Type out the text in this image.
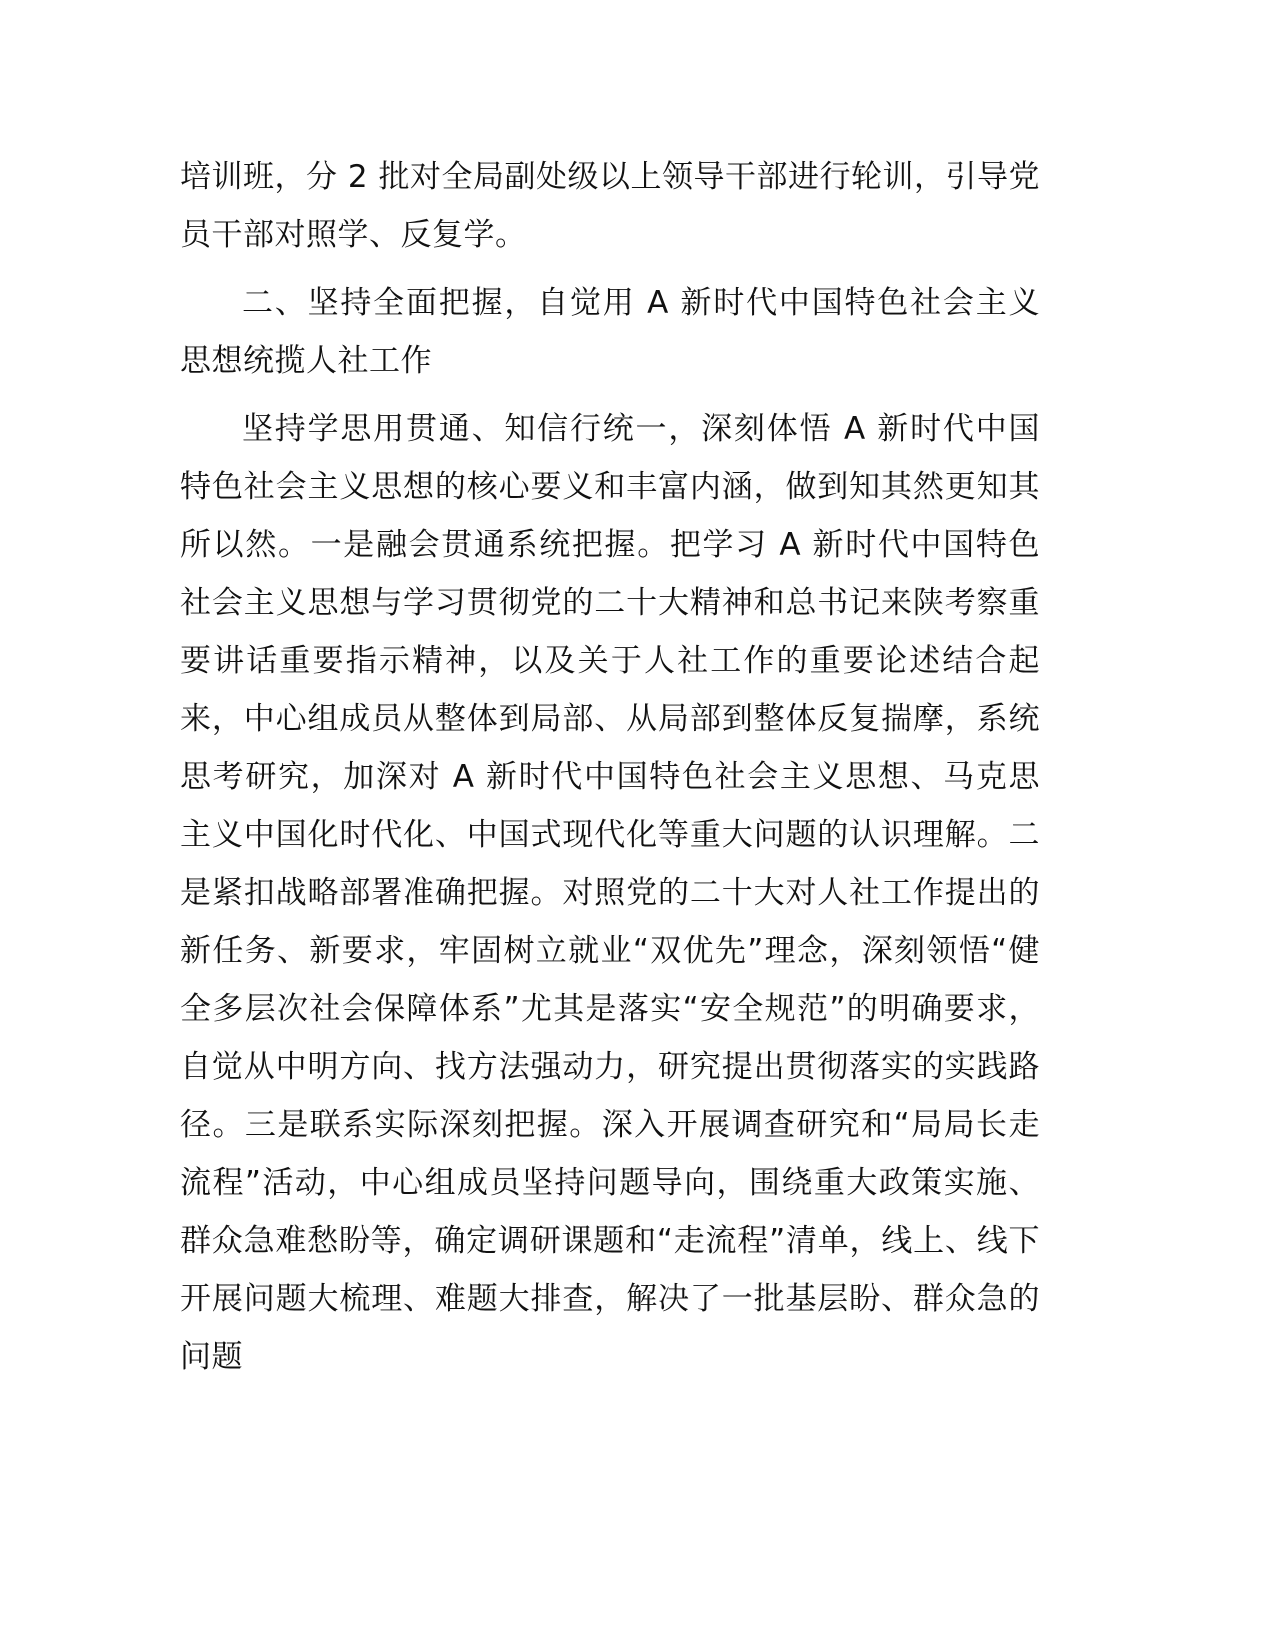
培训班，分 2 批对全局副处级以上领导干部进行轮训，引导党员干部对照学、反复学。

二、坚持全面把握，自觉用 A 新时代中国特色社会主义思想统揽人社工作

坚持学思用贯通、知信行统一，深刻体悟 A 新时代中国特色社会主义思想的核心要义和丰富内涵，做到知其然更知其所以然。一是融会贯通系统把握。把学习 A 新时代中国特色社会主义思想与学习贯彻党的二十大精神和总书记来陕考察重要讲话重要指示精神，以及关于人社工作的重要论述结合起来，中心组成员从整体到局部、从局部到整体反复揣摩，系统思考研究，加深对 A 新时代中国特色社会主义思想、马克思主义中国化时代化、中国式现代化等重大问题的认识理解。二是紧扣战略部署准确把握。对照党的二十大对人社工作提出的新任务、新要求，牢固树立就业“双优先”理念，深刻领悟“健全多层次社会保障体系”尤其是落实“安全规范”的明确要求，自觉从中明方向、找方法强动力，研究提出贯彻落实的实践路径。三是联系实际深刻把握。深入开展调查研究和“局局长走流程”活动，中心组成员坚持问题导向，围绕重大政策实施、群众急难愁盼等，确定调研课题和“走流程”清单，线上、线下开展问题大梳理、难题大排查，解决了一批基层盼、群众急的问题
